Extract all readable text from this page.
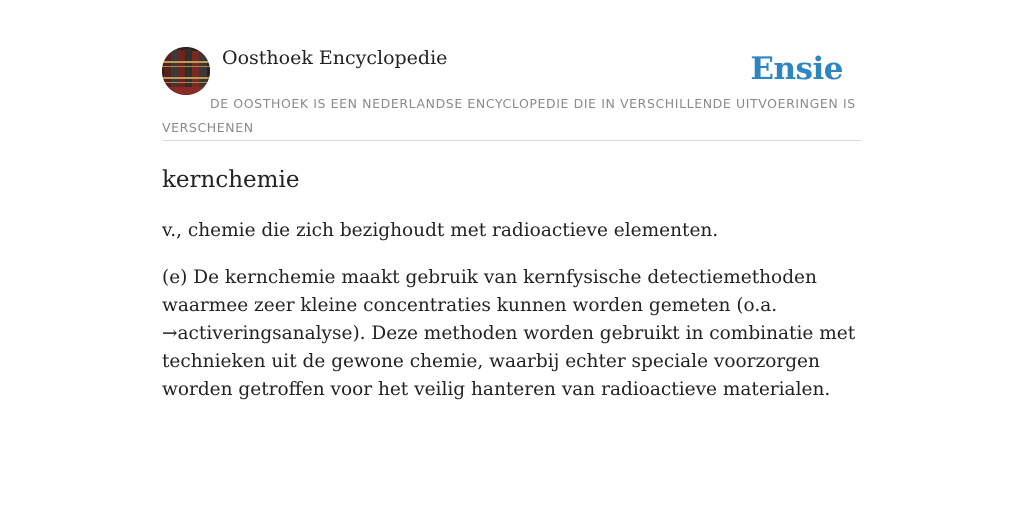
Oosthoek Encyclopedie	Ensie
DE OOSTHOEK IS EEN NEDERLANDSE ENCYCLOPEDIE DIE IN VERSCHILLENDE UITVOERINGEN IS VERSCHENEN
kernchemie

v., chemie die zich bezighoudt met radioactieve elementen.

(e) De kernchemie maakt gebruik van kernfysische detectiemethoden waarmee zeer kleine concentraties kunnen worden gemeten (o.a. →activeringsanalyse). Deze methoden worden gebruikt in combinatie met technieken uit de gewone chemie, waarbij echter speciale voorzorgen worden getroffen voor het veilig hanteren van radioactieve materialen.
